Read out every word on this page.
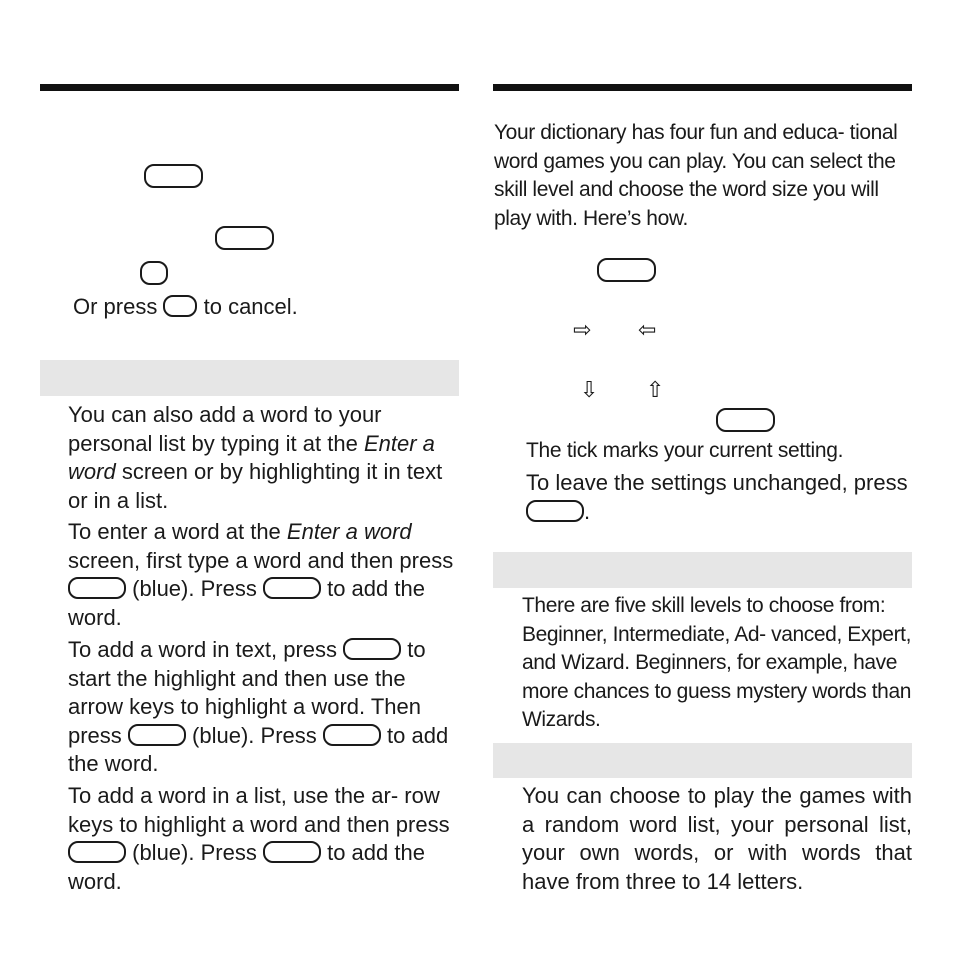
Or press to cancel.
You can also add a word to your personal list by typing it at the Enter a word screen or by highlighting it in text or in a list.
To enter a word at the Enter a word screen, first type a word and then press  (blue). Press	to add the word.
To add a word in text, press	to start the highlight and then use the arrow keys to highlight a word. Then press	(blue). Press	to add the word.
To add a word in a list, use the ar- row keys to highlight a word and then press  (blue). Press	to add the word.
Your dictionary has four fun and educa- tional word games you can play. You can select the skill level and choose the word size you will play with. Here’s how.
⇨ ⇦
⇩ ⇧
The tick marks your current setting.
To leave the settings unchanged, press .
There are five skill levels to choose from: Beginner, Intermediate, Ad- vanced, Expert, and Wizard. Beginners, for example, have more chances to guess mystery words than Wizards.
You can choose to play the games with a random word list, your personal list, your own words, or with words that have from three to 14 letters.
